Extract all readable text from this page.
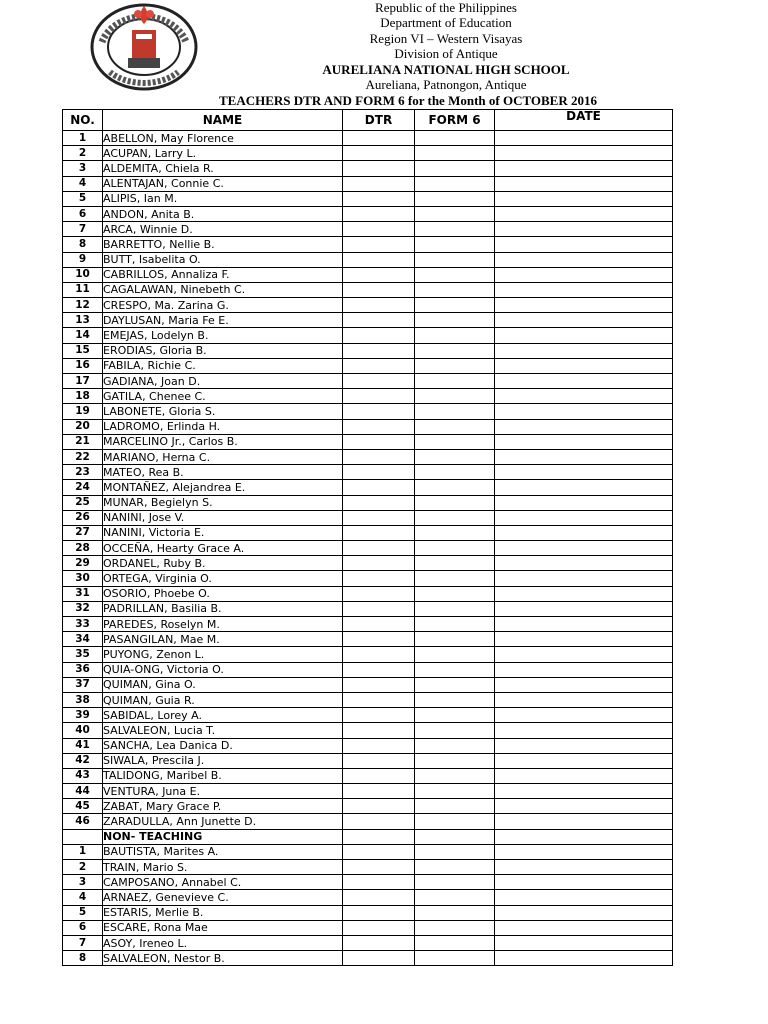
Republic of the Philippines
Department of Education
Region VI – Western Visayas
Division of Antique
AURELIANA NATIONAL HIGH SCHOOL
Aureliana, Patnongon, Antique
TEACHERS DTR AND FORM 6 for the Month of OCTOBER 2016
NO.	NAME	DTR	FORM 6	DATE
1	ABELLON, May Florence			
2	ACUPAN, Larry L.			
3	ALDEMITA, Chiela R.			
4	ALENTAJAN, Connie C.			
5	ALIPIS, Ian M.			
6	ANDON, Anita B.			
7	ARCA, Winnie D.			
8	BARRETTO, Nellie B.			
9	BUTT, Isabelita O.			
10	CABRILLOS, Annaliza F.			
11	CAGALAWAN, Ninebeth C.			
12	CRESPO, Ma. Zarina G.			
13	DAYLUSAN, Maria Fe E.			
14	EMEJAS, Lodelyn B.			
15	ERODIAS, Gloria B.			
16	FABILA, Richie C.			
17	GADIANA, Joan D.			
18	GATILA, Chenee C.			
19	LABONETE, Gloria S.			
20	LADROMO, Erlinda H.			
21	MARCELINO Jr., Carlos B.			
22	MARIANO, Herna C.			
23	MATEO, Rea B.			
24	MONTAÑEZ, Alejandrea E.			
25	MUNAR, Begielyn S.			
26	NANINI, Jose V.			
27	NANINI, Victoria E.			
28	OCCEÑA, Hearty Grace A.			
29	ORDANEL, Ruby B.			
30	ORTEGA, Virginia O.			
31	OSORIO, Phoebe O.			
32	PADRILLAN, Basilia B.			
33	PAREDES, Roselyn M.			
34	PASANGILAN, Mae M.			
35	PUYONG, Zenon L.			
36	QUIA-ONG, Victoria O.			
37	QUIMAN, Gina O.			
38	QUIMAN, Guia R.			
39	SABIDAL, Lorey A.			
40	SALVALEON, Lucia T.			
41	SANCHA, Lea Danica D.			
42	SIWALA, Prescila J.			
43	TALIDONG, Maribel B.			
44	VENTURA, Juna E.			
45	ZABAT, Mary Grace P.			
46	ZARADULLA, Ann Junette D.			
	NON- TEACHING			
1	BAUTISTA, Marites A.			
2	TRAIN, Mario S.			
3	CAMPOSANO, Annabel C.			
4	ARNAEZ, Genevieve C.			
5	ESTARIS, Merlie B.			
6	ESCARE, Rona Mae			
7	ASOY, Ireneo L.			
8	SALVALEON, Nestor B.			
